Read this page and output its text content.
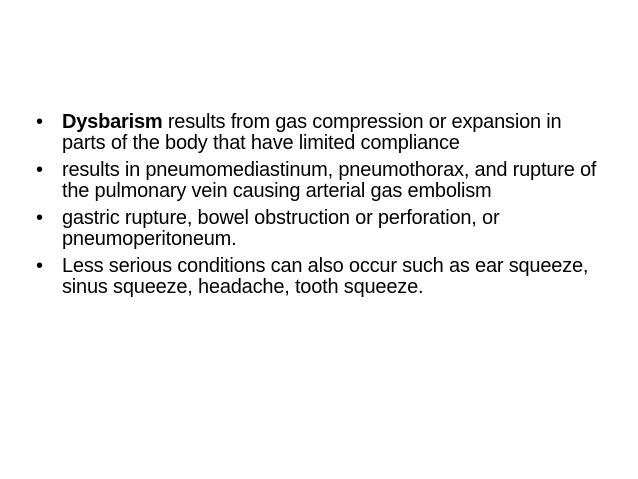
• Dysbarism results from gas compression or expansion in parts of the body that have limited compliance
• results in pneumomediastinum, pneumothorax, and rupture of the pulmonary vein causing arterial gas embolism
• gastric rupture, bowel obstruction or perforation, or pneumoperitoneum.
• Less serious conditions can also occur such as ear squeeze, sinus squeeze, headache, tooth squeeze.
